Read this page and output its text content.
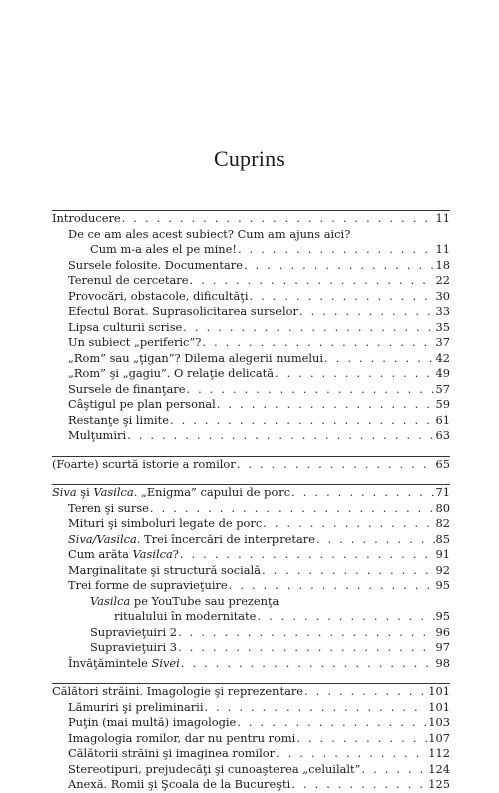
Cuprins
Introducere . . .	11
De ce am ales acest subiect? Cum am ajuns aici?
Cum m-a ales el pe mine! . . .	11
Sursele folosite. Documentare . . .	18
Terenul de cercetare . . .	22
Provocări, obstacole, dificultăţi . . .	30
Efectul Borat. Suprasolicitarea surselor . . .	33
Lipsa culturii scrise . . .	35
Un subiect „periferic”? . . .	37
„Rom” sau „ţigan”? Dilema alegerii numelui . . .	42
„Rom” şi „gagiu”. O relaţie delicată . . .	49
Sursele de finanţare . . .	57
Câştigul pe plan personal . . .	59
Restanţe şi limite . . .	61
Mulţumiri . . .	63
(Foarte) scurtă istorie a romilor . . .	65
Siva şi Vasilca. „Enigma” capului de porc . . .	71
Teren şi surse . . .	80
Mituri şi simboluri legate de porc . . .	82
Siva/Vasilca. Trei încercări de interpretare . . .	85
Cum arăta Vasilca? . . .	91
Marginalitate şi structură socială . . .	92
Trei forme de supravieţuire . . .	95
Vasilca pe YouTube sau prezenţa
ritualului în modernitate . . .	95
Supravieţuiri 2 . . .	96
Supravieţuiri 3 . . .	97
Învăţămintele Sivei . . .	98
Călători străini. Imagologie şi reprezentare . . .	101
Lămuriri şi preliminarii . . .	101
Puţin (mai multă) imagologie . . .	103
Imagologia romilor, dar nu pentru romi . . .	107
Călătorii străini şi imaginea romilor . . .	112
Stereotipuri, prejudecăţi şi cunoaşterea „celuilalt” . . .	124
Anexă. Romii şi Şcoala de la Bucureşti . . .	125
